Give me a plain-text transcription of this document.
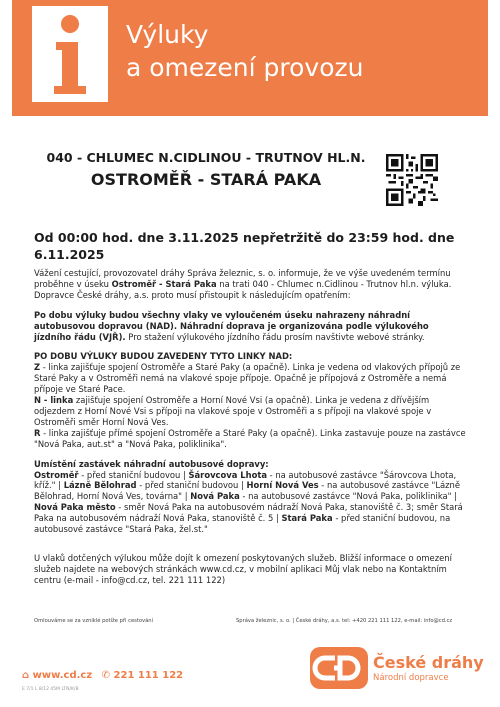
Výluky
a omezení provozu
040 - CHLUMEC N.CIDLINOU - TRUTNOV HL.N.
OSTROMĚŘ - STARÁ PAKA
Od 00:00 hod. dne 3.11.2025 nepřetržitě do 23:59 hod. dne 6.11.2025

Vážení cestující, provozovatel dráhy Správa železnic, s. o. informuje, že ve výše uvedeném termínu proběhne v úseku Ostroměř - Stará Paka na trati 040 - Chlumec n.Cidlinou - Trutnov hl.n. výluka. Dopravce České dráhy, a.s. proto musí přistoupit k následujícím opatřením:

Po dobu výluky budou všechny vlaky ve vyloučeném úseku nahrazeny náhradní autobusovou dopravou (NAD). Náhradní doprava je organizována podle výlukového jízdního řádu (VJŘ). Pro stažení výlukového jízdního řádu prosím navštivte webové stránky.

PO DOBU VÝLUKY BUDOU ZAVEDENY TYTO LINKY NAD:
Z - linka zajišťuje spojení Ostroměře a Staré Paky (a opačně). Linka je vedena od vlakových přípojů ze Staré Paky a v Ostroměři nemá na vlakové spoje přípoje. Opačně je přípojová z Ostroměře a nemá přípoje ve Staré Pace.
N - linka zajišťuje spojení Ostroměře a Horní Nové Vsi (a opačně). Linka je vedena z dřívějším odjezdem z Horní Nové Vsi s přípoji na vlakové spoje v Ostroměři a s přípoji na vlakové spoje v Ostroměři směr Horní Nová Ves.
R - linka zajišťuje přímé spojení Ostroměře a Staré Paky (a opačně). Linka zastavuje pouze na zastávce "Nová Paka, aut.st" a "Nová Paka, poliklinika".

Umístění zastávek náhradní autobusové dopravy:
Ostroměř - před staniční budovou | Šárovcova Lhota - na autobusové zastávce "Šárovcova Lhota, kříž." | Lázně Bělohrad - před staniční budovou | Horní Nová Ves - na autobusové zastávce "Lázně Bělohrad, Horní Nová Ves, továrna" | Nová Paka - na autobusové zastávce "Nová Paka, poliklinika" | Nová Paka město - směr Nová Paka na autobusovém nádraží Nová Paka, stanoviště č. 3; směr Stará Paka na autobusovém nádraží Nová Paka, stanoviště č. 5 | Stará Paka - před staniční budovou, na autobusové zastávce "Stará Paka, žel.st."

U vlaků dotčených výlukou může dojít k omezení poskytovaných služeb. Bližší informace o omezení služeb najdete na webových stránkách www.cd.cz, v mobilní aplikaci Můj vlak nebo na Kontaktním centru (e-mail - info@cd.cz, tel. 221 111 122)

Omlouváme se za vzniklé potíže při cestování	Správa železnic, s. o. | České dráhy, a.s. tel: +420 221 111 122, e-mail: info@cd.cz
⌂ www.cd.cz ✆ 221 111 122
E 7/1 L 8/12 45M LTN/K/B
České dráhy
Národní dopravce
